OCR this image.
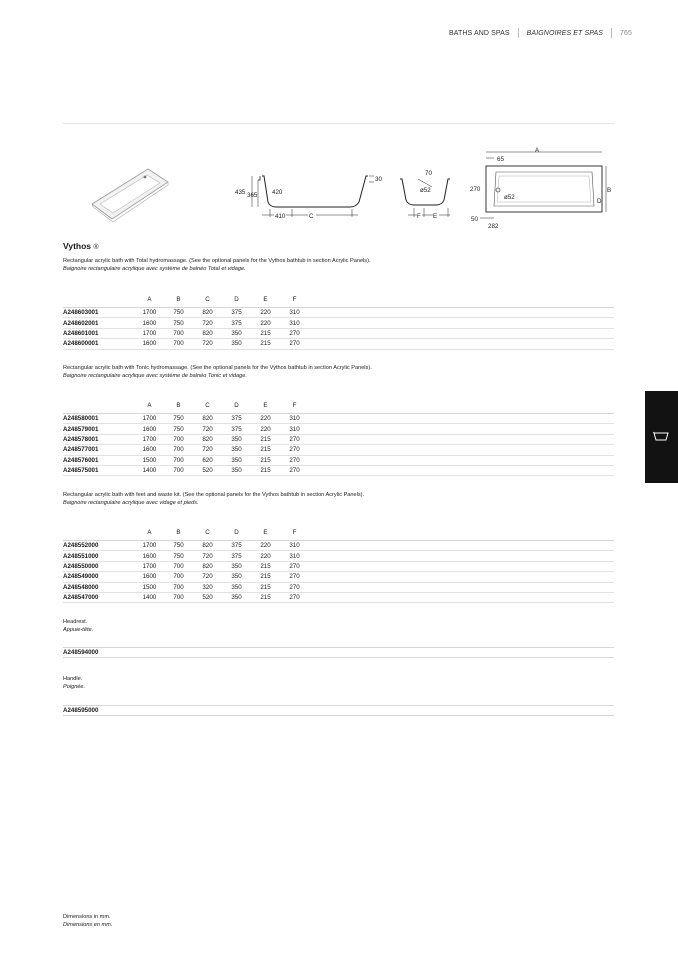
BATHS AND SPAS BAIGNOIRES ET SPAS 765
435 365 420
30
410	C
70
ø52
F E
A
65
270
ø52
B
D
50
282
Vythos ®
Rectangular acrylic bath with Total hydromassage. (See the optional panels for the Vythos bathtub in section Acrylic Panels).
Baignoire rectangulaire acrylique avec système de balnéo Total et vidage.
	A	B	C	D	E	F	
A248603001	1700	750	820	375	220	310	
A248602001	1600	750	720	375	220	310	
A248601001	1700	700	820	350	215	270	
A248600001	1600	700	720	350	215	270	
Rectangular acrylic bath with Tonic hydromassage. (See the optional panels for the Vythos bathtub in section Acrylic Panels).
Baignoire rectangulaire acrylique avec système de balnéo Tonic et vidage.
	A	B	C	D	E	F	
A248580001	1700	750	820	375	220	310	
A248579001	1600	750	720	375	220	310	
A248578001	1700	700	820	350	215	270	
A248577001	1600	700	720	350	215	270	
A248576001	1500	700	620	350	215	270	
A248575001	1400	700	520	350	215	270	
Rectangular acrylic bath with feet and waste kit. (See the optional panels for the Vythos bathtub in section Acrylic Panels).
Baignoire rectangulaire acrylique avec vidage et pieds.
	A	B	C	D	E	F	
A248552000	1700	750	820	375	220	310	
A248551000	1600	750	720	375	220	310	
A248550000	1700	700	820	350	215	270	
A248549000	1600	700	720	350	215	270	
A248548000	1500	700	320	350	215	270	
A248547000	1400	700	520	350	215	270	
Headrest.
Appuie-tête.
A248594000
Handle.
Poignée.
A248595000
Dimensions in mm.
Dimensions en mm.
